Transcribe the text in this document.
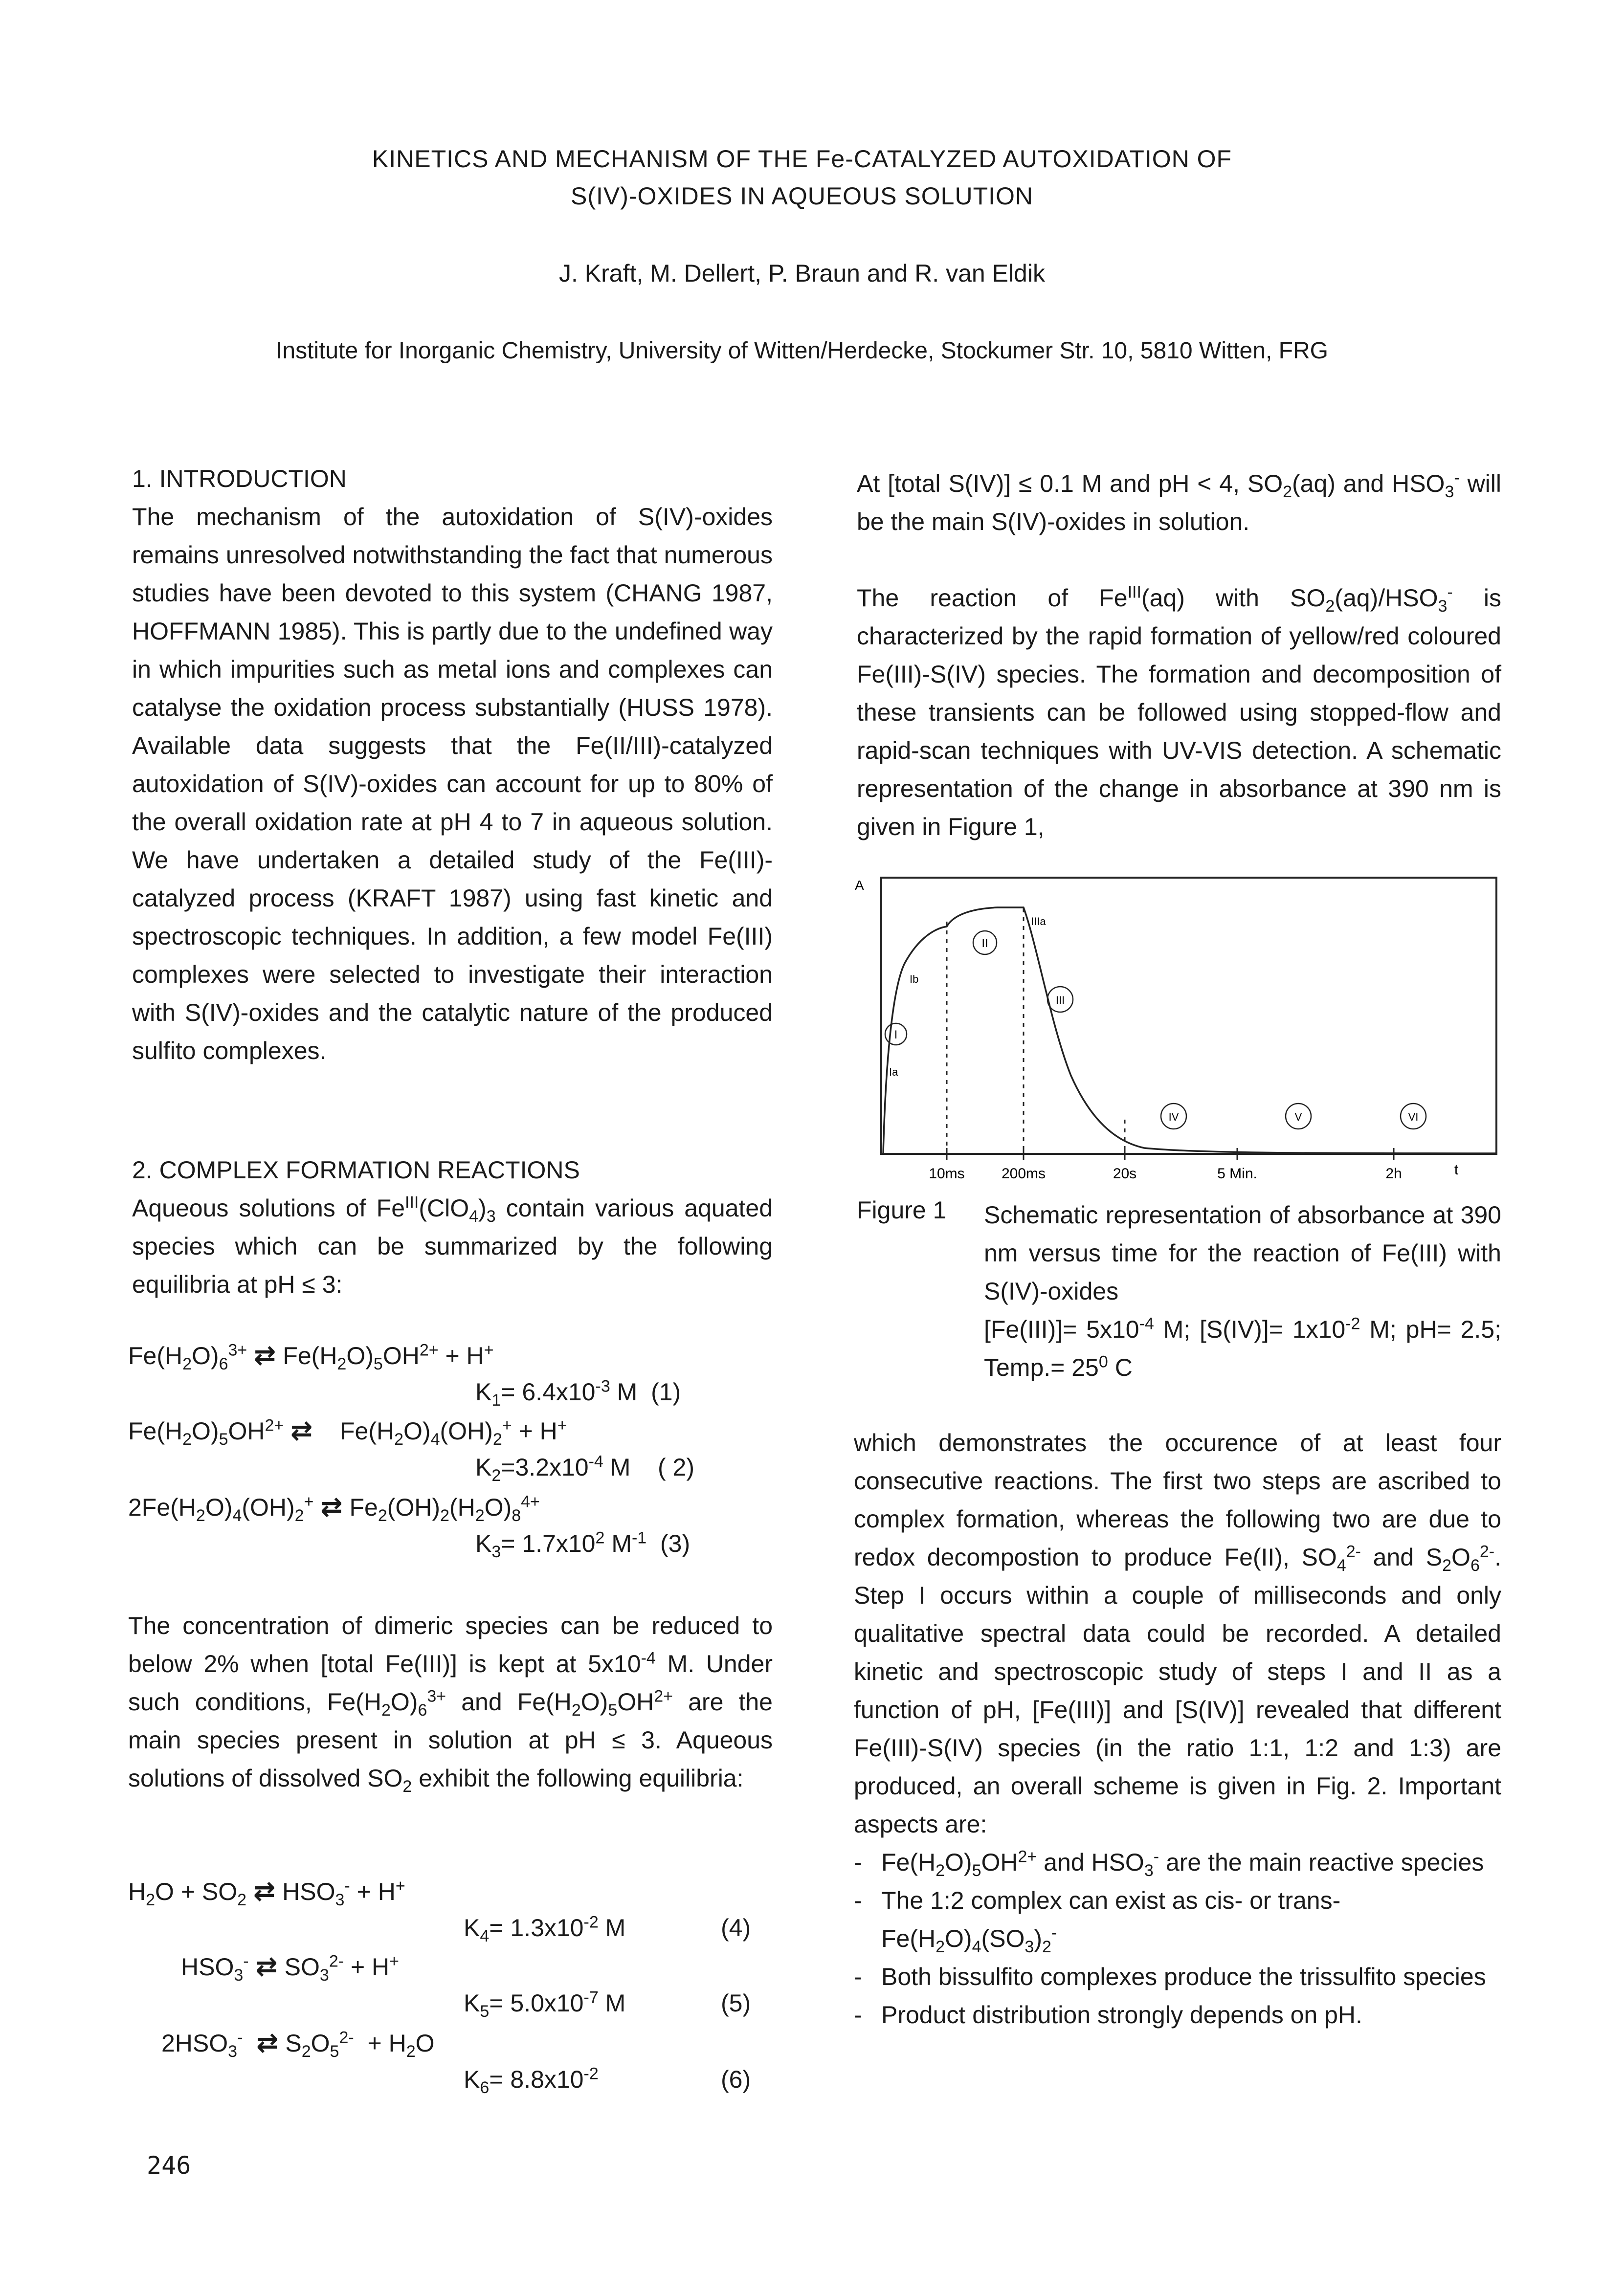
KINETICS AND MECHANISM OF THE Fe-CATALYZED AUTOXIDATION OF
S(IV)-OXIDES IN AQUEOUS SOLUTION
J. Kraft, M. Dellert, P. Braun and R. van Eldik
Institute for Inorganic Chemistry, University of Witten/Herdecke, Stockumer Str. 10, 5810 Witten, FRG
1. INTRODUCTION

The mechanism of the autoxidation of S(IV)-oxides remains unresolved notwithstanding the fact that numerous studies have been devoted to this system (CHANG 1987, HOFFMANN 1985). This is partly due to the undefined way in which impurities such as metal ions and complexes can catalyse the oxidation process substantially (HUSS 1978). Available data suggests that the Fe(II/III)-catalyzed autoxidation of S(IV)-oxides can account for up to 80% of the overall oxidation rate at pH 4 to 7 in aqueous solution. We have undertaken a detailed study of the Fe(III)-catalyzed process (KRAFT 1987) using fast kinetic and spectroscopic techniques. In addition, a few model Fe(III) complexes were selected to investigate their interaction with S(IV)-oxides and the catalytic nature of the produced sulfito complexes.

2. COMPLEX FORMATION REACTIONS

Aqueous solutions of $Fe^{III}(ClO_4)_3$ contain various aquated species which can be summarized by the following equilibria at pH ≤ 3:

$Fe(H_2O)_6^{3+}$ ⇄ $Fe(H_2O)_5OH^{2+} + H^+$
$K_1= 6.4x10^{-3}$ M (1)
$Fe(H_2O)_5OH^{2+}$ ⇄    $Fe(H_2O)_4(OH)_2^+ + H^+$
$K_2=3.2x10^{-4}$ M ( 2)
$2Fe(H_2O)_4(OH)_2^+$ ⇄ $Fe_2(OH)_2(H_2O)_8^{4+}$
$K_3= 1.7x10^2$ $M^{-1}$ (3)

The concentration of dimeric species can be reduced to below 2% when [total Fe(III)] is kept at $5x10^{-4}$ M. Under such conditions, $Fe(H_2O)_6^{3+}$ and $Fe(H_2O)_5OH^{2+}$ are the main species present in solution at pH ≤ 3. Aqueous solutions of dissolved $SO_2$ exhibit the following equilibria:

$H_2O + SO_2$ ⇄ $HSO_3^- + H^+$
$K_4= 1.3x10^{-2}$ M	(4)
$HSO_3^-$ ⇄ $SO_3^{2-} + H^+$
$K_5= 5.0x10^{-7}$ M	(5)
$2HSO_3^-$ ⇄ $S_2O_5^{2-} + H_2O$
$K_6= 8.8x10^{-2}$	(6)
246

At [total S(IV)] ≤ 0.1 M and pH < 4, $SO_2(aq)$ and $HSO_3^-$ will be the main S(IV)-oxides in solution.

The reaction of $Fe^{III}(aq)$ with $SO_2(aq)/HSO_3^-$ is characterized by the rapid formation of yellow/red coloured Fe(III)-S(IV) species. The formation and decomposition of these transients can be followed using stopped-flow and rapid-scan techniques with UV-VIS detection. A schematic representation of the change in absorbance at 390 nm is given in Figure 1,

A
10ms	200ms	20s	5 Min.	2h	t
Ia
Ib
I
II
IIIa
III
IV	V	VI
Figure 1 Schematic representation of absorbance at 390 nm versus time for the reaction of Fe(III) with S(IV)-oxides
$[Fe(III)]= 5x10^{-4}$ M; $[S(IV)]= 1x10^{-2}$ M; pH= 2.5; Temp.= $25^0$ C

which demonstrates the occurence of at least four consecutive reactions. The first two steps are ascribed to complex formation, whereas the following two are due to redox decompostion to produce Fe(II), $SO_4^{2-}$ and $S_2O_6^{2-}$. Step I occurs within a couple of milliseconds and only qualitative spectral data could be recorded. A detailed kinetic and spectroscopic study of steps I and II as a function of pH, [Fe(III)] and [S(IV)] revealed that different Fe(III)-S(IV) species (in the ratio 1:1, 1:2 and 1:3) are produced, an overall scheme is given in Fig. 2. Important aspects are:

- $Fe(H_2O)_5OH^{2+}$ and $HSO_3^-$ are the main reactive species
- The 1:2 complex can exist as cis- or trans-
$Fe(H_2O)_4(SO_3)_2^-$
- Both bissulfito complexes produce the trissulfito species
- Product distribution strongly depends on pH.
